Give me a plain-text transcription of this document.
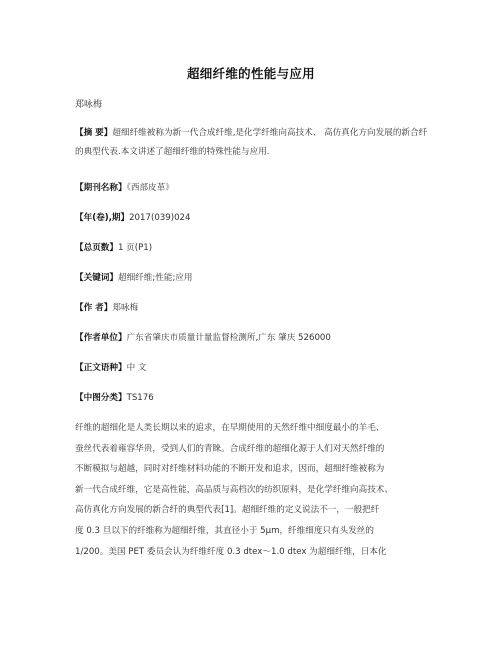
超细纤维的性能与应用
郑咏梅
【摘 要】超细纤维被称为新一代合成纤维,是化学纤维向高技术、 高仿真化方向发展的新合纤的典型代表.本文讲述了超细纤维的特殊性能与应用.
【期刊名称】《西部皮革》
【年(卷),期】2017(039)024
【总页数】1 页(P1)
【关键词】超细纤维;性能;应用
【作 者】郑咏梅
【作者单位】广东省肇庆市质量计量监督检测所,广东 肇庆 526000
【正文语种】中 文
【中图分类】TS176
纤维的超细化是人类长期以来的追求，在早期使用的天然纤维中细度最小的羊毛、
蚕丝代表着雍容华贵，受到人们的青睐。合成纤维的超细化源于人们对天然纤维的
不断模拟与超越，同时对纤维材料功能的不断开发和追求，因而，超细纤维被称为
新一代合成纤维，它是高性能，高品质与高档次的纺织原料，是化学纤维向高技术、
高仿真化方向发展的新合纤的典型代表[1]。超细纤维的定义说法不一，一般把纤
度 0.3 旦以下的纤维称为超细纤维，其直径小于 5μm，纤维细度只有头发丝的
1/200。美国 PET 委员会认为纤维纤度 0.3 dtex～1.0 dtex 为超细纤维，日本化
